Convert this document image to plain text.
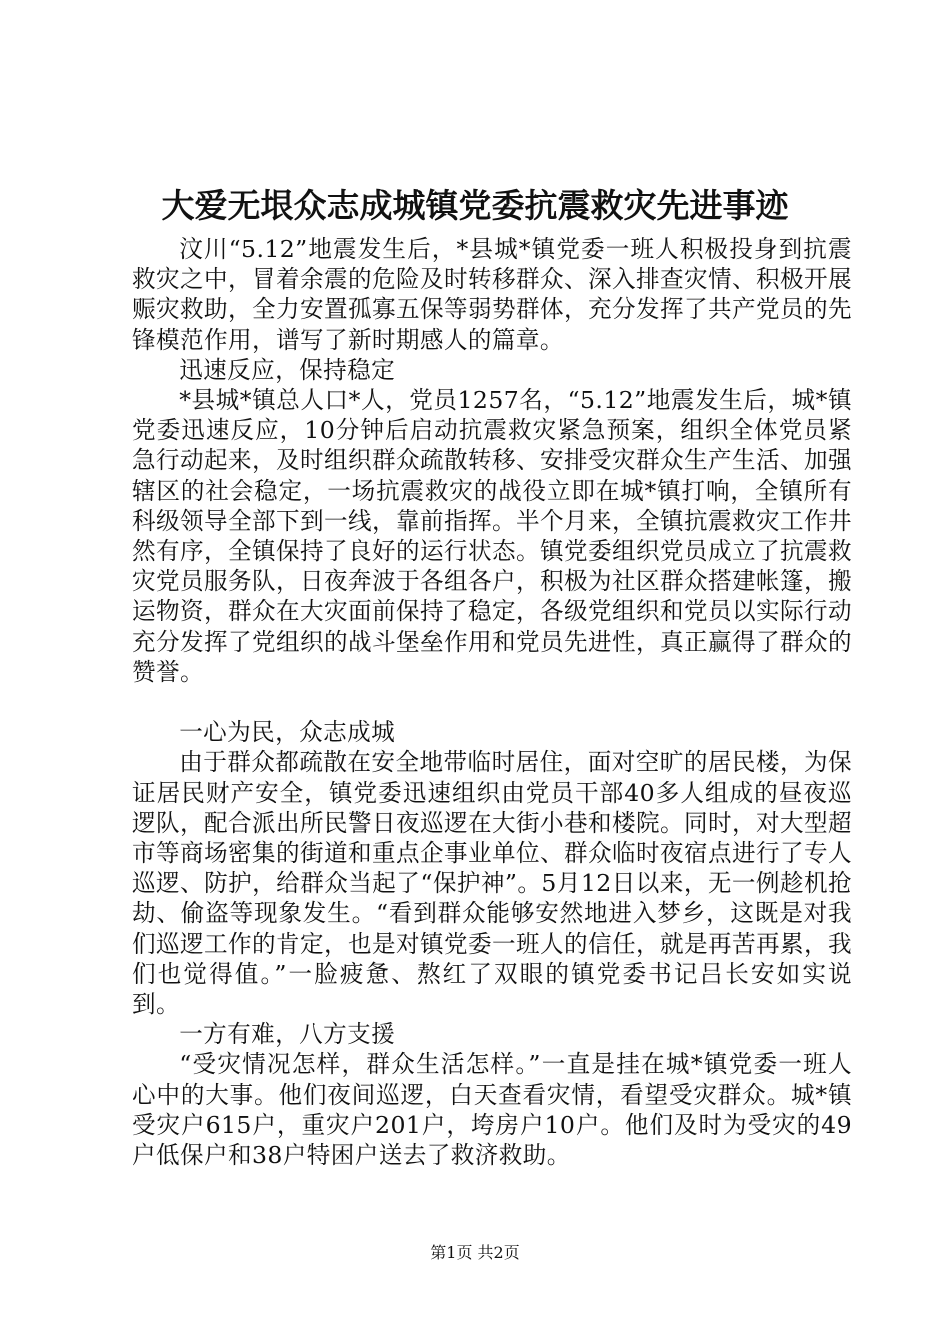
大爱无垠众志成城镇党委抗震救灾先进事迹

汶川“5.12”地震发生后，*县城*镇党委一班人积极投身到抗震救灾之中，冒着余震的危险及时转移群众、深入排查灾情、积极开展赈灾救助，全力安置孤寡五保等弱势群体，充分发挥了共产党员的先锋模范作用，谱写了新时期感人的篇章。

迅速反应，保持稳定

*县城*镇总人口*人，党员1257名，“5.12”地震发生后，城*镇党委迅速反应，10分钟后启动抗震救灾紧急预案，组织全体党员紧急行动起来，及时组织群众疏散转移、安排受灾群众生产生活、加强辖区的社会稳定，一场抗震救灾的战役立即在城*镇打响，全镇所有科级领导全部下到一线，靠前指挥。半个月来，全镇抗震救灾工作井然有序，全镇保持了良好的运行状态。镇党委组织党员成立了抗震救灾党员服务队，日夜奔波于各组各户，积极为社区群众搭建帐篷，搬运物资，群众在大灾面前保持了稳定，各级党组织和党员以实际行动充分发挥了党组织的战斗堡垒作用和党员先进性，真正赢得了群众的赞誉。

一心为民，众志成城

由于群众都疏散在安全地带临时居住，面对空旷的居民楼，为保证居民财产安全，镇党委迅速组织由党员干部40多人组成的昼夜巡逻队，配合派出所民警日夜巡逻在大街小巷和楼院。同时，对大型超市等商场密集的街道和重点企事业单位、群众临时夜宿点进行了专人巡逻、防护，给群众当起了“保护神”。5月12日以来，无一例趁机抢劫、偷盗等现象发生。“看到群众能够安然地进入梦乡，这既是对我们巡逻工作的肯定，也是对镇党委一班人的信任，就是再苦再累，我们也觉得值。”一脸疲惫、熬红了双眼的镇党委书记吕长安如实说到。

一方有难，八方支援

“受灾情况怎样，群众生活怎样。”一直是挂在城*镇党委一班人心中的大事。他们夜间巡逻，白天查看灾情，看望受灾群众。城*镇受灾户615户，重灾户201户，垮房户10户。他们及时为受灾的49户低保户和38户特困户送去了救济救助。

第1页 共2页
